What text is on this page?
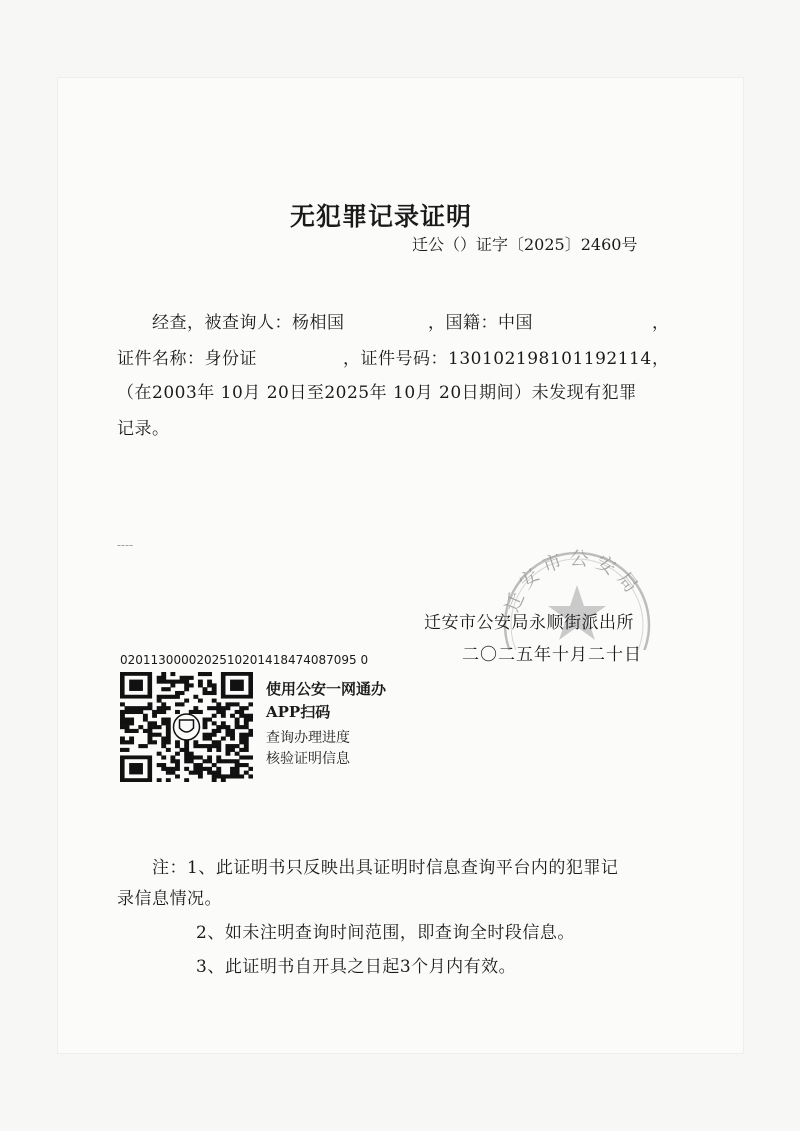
无犯罪记录证明
迁公（）证字〔2025〕2460号
经查，被查询人：杨相国	，国籍：中国	，
证件名称：身份证	，证件号码：130102198101192114 ，
（在2003年 10月 20日至2025年 10月 20日期间）未发现有犯罪
记录。
----
迁安市公安局
迁安市公安局永顺街派出所
二〇二五年十月二十日
0201130000202510201418474087095 0
使用公安一网通办
APP扫码
查询办理进度
核验证明信息
注：1、此证明书只反映出具证明时信息查询平台内的犯罪记
录信息情况。
2、如未注明查询时间范围，即查询全时段信息。
3、此证明书自开具之日起3个月内有效。
